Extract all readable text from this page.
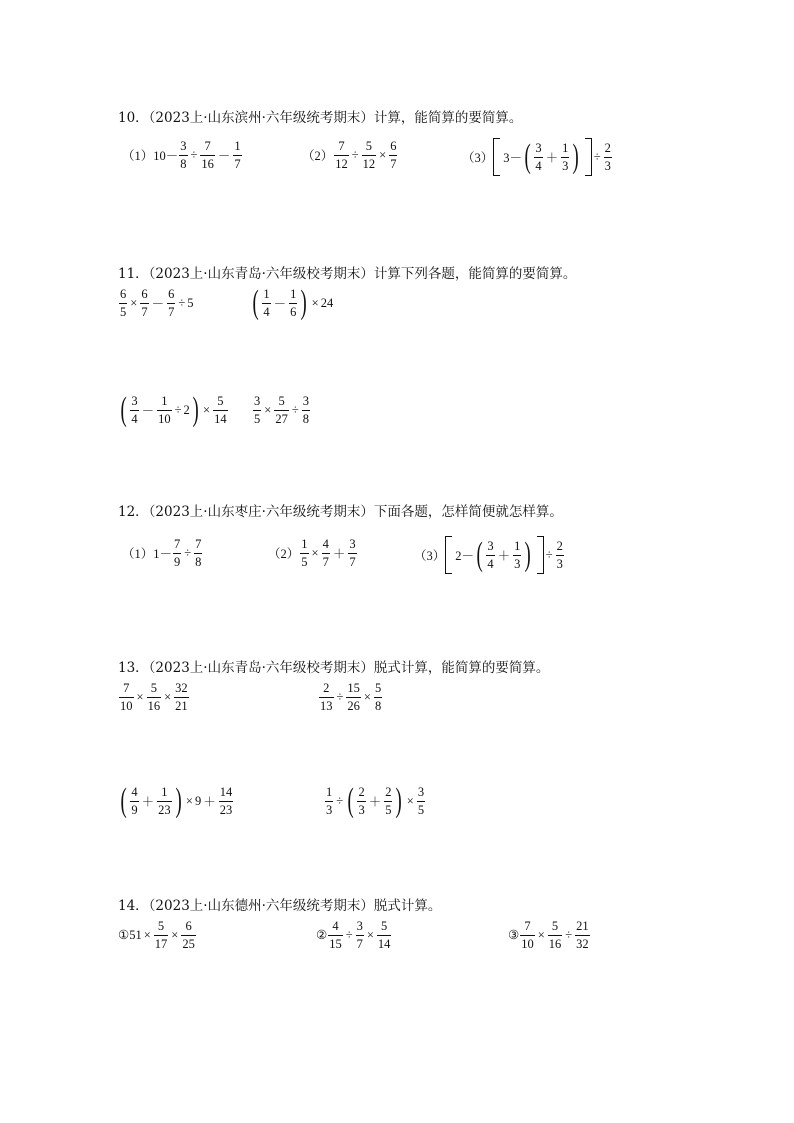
10．（2023上·山东滨州·六年级统考期末）计算，能简算的要简算。
$(1)10- \frac{3}{8} \div \frac{7}{16} - \frac{1}{7}$	$(2) \frac{7}{12} \div \frac{5}{12} \times \frac{6}{7}$	（3） 3－ ( $\frac{3}{4} + \frac{1}{3}$ ) ÷ $\frac{2}{3}$
11．（2023上·山东青岛·六年级校考期末）计算下列各题，能简算的要简算。
$\frac{6}{5} \times \frac{6}{7} - \frac{6}{7} \div 5$ ( $\frac{1}{4} - \frac{1}{6}$ ) × 24
( $\frac{3}{4} - \frac{1}{10} \div 2$ ) × $\frac{5}{14} \frac{3}{5} \times \frac{5}{27} \div \frac{3}{8}$
12．（2023上·山东枣庄·六年级统考期末）下面各题，怎样简便就怎样算。
$(1)1- \frac{7}{9} \div \frac{7}{8}$	$(2) \frac{1}{5} \times \frac{4}{7} + \frac{3}{7}$	（3） 2－ ( $\frac{3}{4} + \frac{1}{3}$ ) ÷ $\frac{2}{3}$
13．（2023上·山东青岛·六年级校考期末）脱式计算，能简算的要简算。
$\frac{7}{10} \times \frac{5}{16} \times \frac{32}{21}$	$\frac{2}{13} \div \frac{15}{26} \times \frac{5}{8}$
( $\frac{4}{9} + \frac{1}{23}$ ) × $9 + \frac{14}{23}$	$\frac{1}{3}$ ÷ ( $\frac{2}{3} + \frac{2}{5}$ ) × $\frac{3}{5}$
14．（2023上·山东德州·六年级统考期末）脱式计算。
①51 × $\frac{5}{17} \times \frac{6}{25}$	② $\frac{4}{15} \div \frac{3}{7} \times \frac{5}{14}$	③ $\frac{7}{10} \times \frac{5}{16} \div \frac{21}{32}$
